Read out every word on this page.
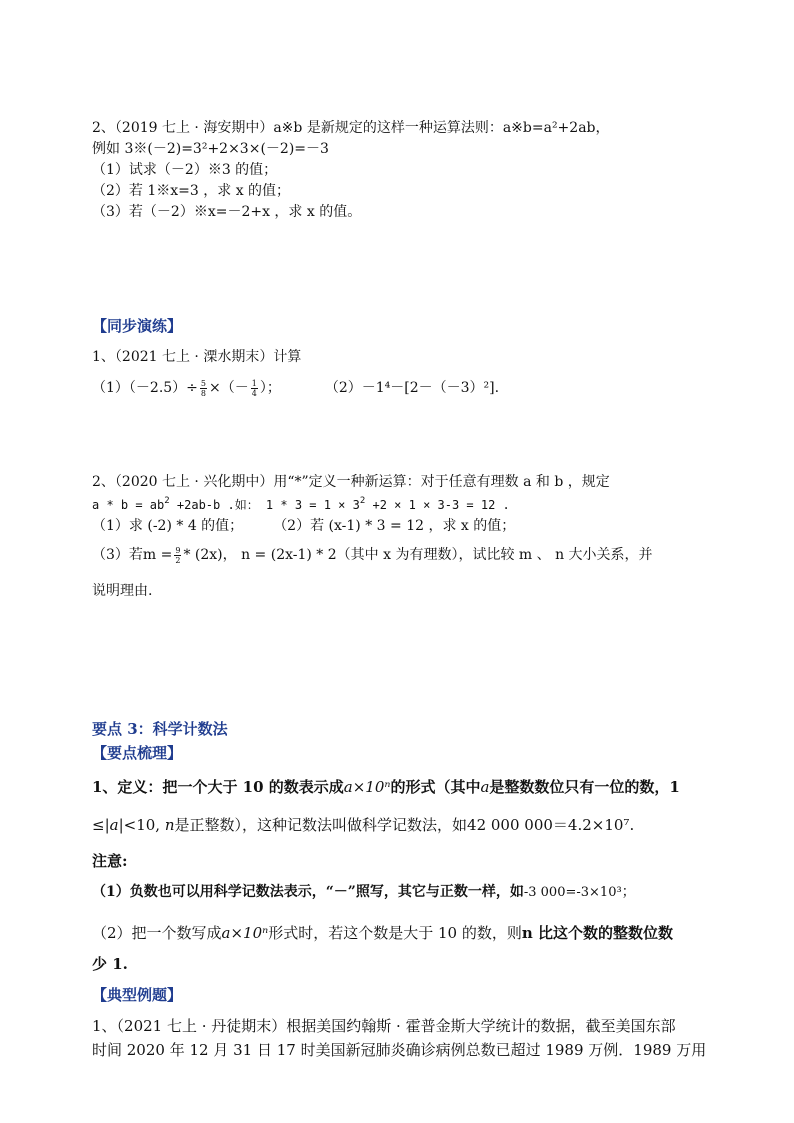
2、（2019 七上 · 海安期中）a※b 是新规定的这样一种运算法则：a※b=a²+2ab，
例如 3※(－2)=3²+2×3×(－2)=－3
（1）试求（－2）※3 的值；
（2）若 1※x=3 ，求 x 的值；
（3）若（－2）※x=－2+x ，求 x 的值。
【同步演练】
1、（2021 七上 · 溧水期末）计算
$(1)(-2.5)\div \frac{5}{8}$ ×（－ $\frac{1}{4}$ ）；	（2）－1⁴－[2－（－3）²].
2、（2020 七上 · 兴化期中）用“*”定义一种新运算：对于任意有理数 a 和 b ，规定
$a * b = ab^2 +2ab-b$ .如： $1 * 3 = 1 \times 3^2 +2 \times 1 \times 3-3 = 12$ .
（1）求 (-2) * 4 的值； （2）若 (x-1) * 3 = 12 ，求 x 的值；
（3）若$m = \frac{9}{2} * (2x)$， n = (2x-1) * 2（其中 x 为有理数），试比较 m 、 n 大小关系，并
说明理由.
要点 3：科学计数法
【要点梳理】
1、定义：把一个大于 10 的数表示成a×10ⁿ的形式（其中a是整数数位只有一位的数，1
≤|a|<10, n是正整数），这种记数法叫做科学记数法，如42 000 000＝4.2×10⁷.
注意:
（1）负数也可以用科学记数法表示，“－”照写，其它与正数一样，如-3 000=-3×10³；
（2）把一个数写成a×10ⁿ形式时，若这个数是大于 10 的数，则n 比这个数的整数位数
少 1.
【典型例题】
1、（2021 七上 · 丹徒期末）根据美国约翰斯 · 霍普金斯大学统计的数据，截至美国东部
时间 2020 年 12 月 31 日 17 时美国新冠肺炎确诊病例总数已超过 1989 万例．1989 万用
